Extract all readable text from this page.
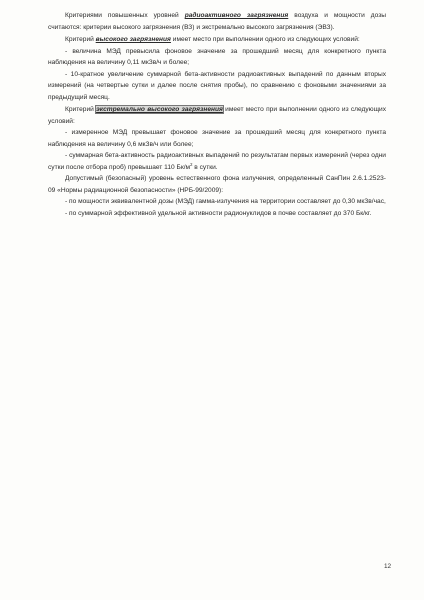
Критериями повышенных уровней радиоактивного загрязнения воздуха и мощности дозы считаются: критерии высокого загрязнения (ВЗ) и экстремально высокого загрязнения (ЭВЗ).

Критерий высокого загрязнения имеет место при выполнении одного из следующих условий:

- величина МЭД превысила фоновое значение за прошедший месяц для конкретного пункта наблюдения на величину 0,11 мкЗв/ч и более;

- 10-кратное увеличение суммарной бета-активности радиоактивных выпадений по данным вторых измерений (на четвертые сутки и далее после снятия пробы), по сравнению с фоновыми значениями за предыдущий месяц.

Критерий экстремально высокого загрязнения имеет место при выполнении одного из следующих условий:

- измеренное МЭД превышает фоновое значение за прошедший месяц для конкретного пункта наблюдения на величину 0,6 мкЗв/ч или более;

- суммарная бета-активность радиоактивных выпадений по результатам первых измерений (через одни сутки после отбора проб) превышает 110 $Бк/м^2$ в сутки.

Допустимый (безопасный) уровень естественного фона излучения, определенный СанПин 2.6.1.2523-09 «Нормы радиационной безопасности» (НРБ-99/2009):

- по мощности эквивалентной дозы (МЭД) гамма-излучения на территории составляет до 0,30 мкЗв/час,

- по суммарной эффективной удельной активности радионуклидов в почве составляет до 370 Бк/кг.

12
